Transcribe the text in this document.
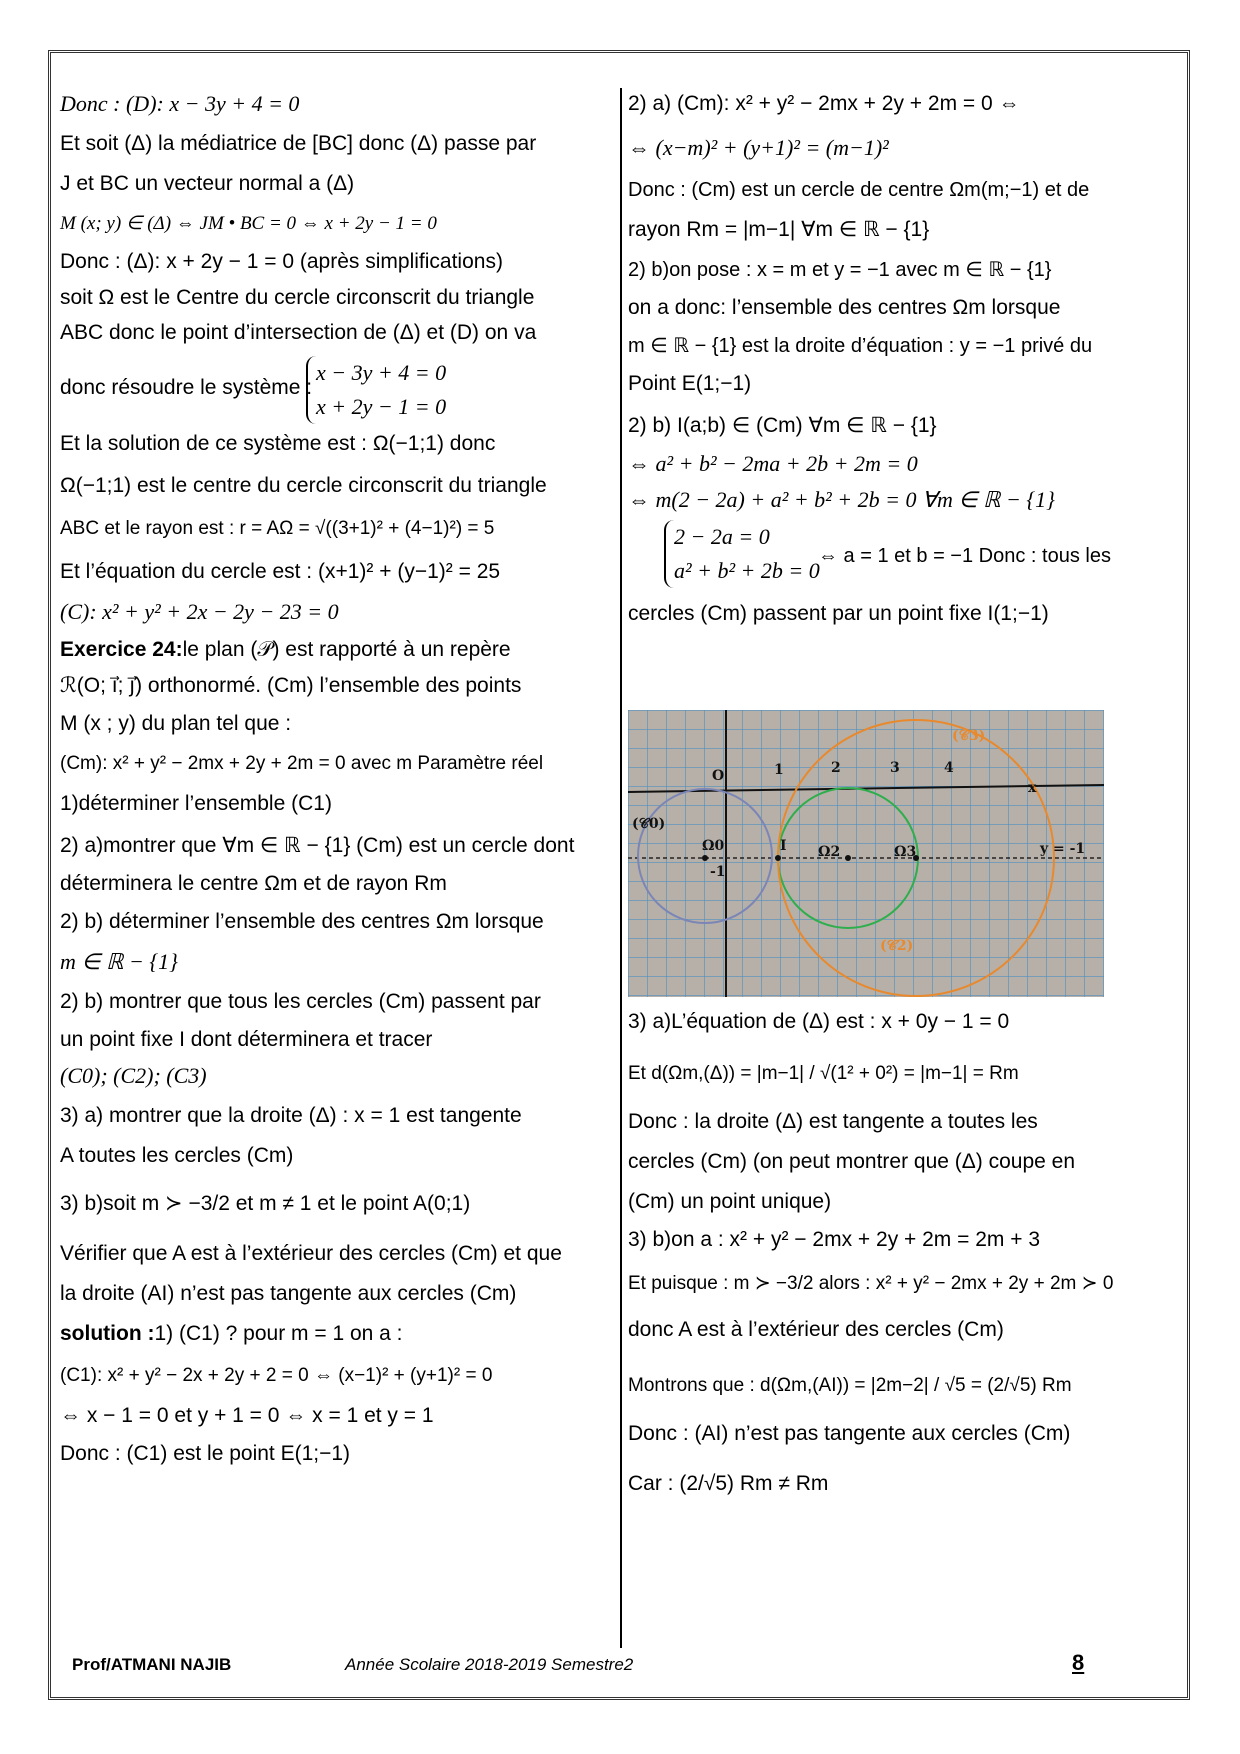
Donc : (D): x − 3y + 4 = 0
Et soit (Δ) la médiatrice de [BC] donc (Δ) passe par
J et BC un vecteur normal a (Δ)
M (x; y) ∈ (Δ) ⇔ JM • BC = 0 ⇔ x + 2y − 1 = 0
Donc : (Δ): x + 2y − 1 = 0 (après simplifications)
soit Ω est le Centre du cercle circonscrit du triangle
ABC donc le point d’intersection de (Δ) et (D) on va
donc résoudre le système :
x − 3y + 4 = 0
x + 2y − 1 = 0
Et la solution de ce système est : Ω(−1;1) donc
Ω(−1;1) est le centre du cercle circonscrit du triangle
ABC et le rayon est : r = AΩ = √((3+1)² + (4−1)²) = 5
Et l’équation du cercle est : (x+1)² + (y−1)² = 25
(C): x² + y² + 2x − 2y − 23 = 0
Exercice 24:le plan (𝒫) est rapporté à un repère
ℛ(O; i⃗; j⃗) orthonormé. (Cm) l’ensemble des points
M (x ; y) du plan tel que :
(Cm): x² + y² − 2mx + 2y + 2m = 0 avec m Paramètre réel
1)déterminer l’ensemble (C1)
2) a)montrer que ∀m ∈ ℝ − {1} (Cm) est un cercle dont
déterminera le centre Ωm et de rayon Rm
2) b) déterminer l’ensemble des centres Ωm lorsque
m ∈ ℝ − {1}
2) b) montrer que tous les cercles (Cm) passent par
un point fixe I dont déterminera et tracer
(C0); (C2); (C3)
3) a) montrer que la droite (Δ) : x = 1 est tangente
A toutes les cercles (Cm)
3) b)soit m ≻ −3/2 et m ≠ 1 et le point A(0;1)
Vérifier que A est à l’extérieur des cercles (Cm) et que
la droite (AI) n’est pas tangente aux cercles (Cm)
solution :1) (C1) ? pour m = 1 on a :
(C1): x² + y² − 2x + 2y + 2 = 0 ⇔ (x−1)² + (y+1)² = 0
⇔ x − 1 = 0 et y + 1 = 0 ⇔ x = 1 et y = 1
Donc : (C1) est le point E(1;−1)
2) a) (Cm): x² + y² − 2mx + 2y + 2m = 0 ⇔
⇔ (x−m)² + (y+1)² = (m−1)²
Donc : (Cm) est un cercle de centre Ωm(m;−1) et de
rayon Rm = |m−1| ∀m ∈ ℝ − {1}
2) b)on pose : x = m et y = −1 avec m ∈ ℝ − {1}
on a donc: l’ensemble des centres Ωm lorsque
m ∈ ℝ − {1} est la droite d’équation : y = −1 privé du
Point E(1;−1)
2) b) I(a;b) ∈ (Cm) ∀m ∈ ℝ − {1}
⇔ a² + b² − 2ma + 2b + 2m = 0
⇔ m(2 − 2a) + a² + b² + 2b = 0 ∀m ∈ ℝ − {1}
2 − 2a = 0
a² + b² + 2b = 0
⇔ a = 1 et b = −1 Donc : tous les
cercles (Cm) passent par un point fixe I(1;−1)
3) a)L’équation de (Δ) est : x + 0y − 1 = 0
Et d(Ωm,(Δ)) = |m−1| / √(1² + 0²) = |m−1| = Rm
Donc : la droite (Δ) est tangente a toutes les
cercles (Cm) (on peut montrer que (Δ) coupe en
(Cm) un point unique)
3) b)on a : x² + y² − 2mx + 2y + 2m = 2m + 3
Et puisque : m ≻ −3/2 alors : x² + y² − 2mx + 2y + 2m ≻ 0
donc A est à l’extérieur des cercles (Cm)
Montrons que : d(Ωm,(AI)) = |2m−2| / √5 = (2/√5) Rm
Donc : (AI) n’est pas tangente aux cercles (Cm)
Car : (2/√5) Rm ≠ Rm
O	1	2	3	4
x
(𝒞0)
Ω0
-1
I Ω2	Ω3	y = -1
(𝒞3)
(𝒞2)
Prof/ATMANI NAJIB	Année Scolaire 2018-2019 Semestre2	8
